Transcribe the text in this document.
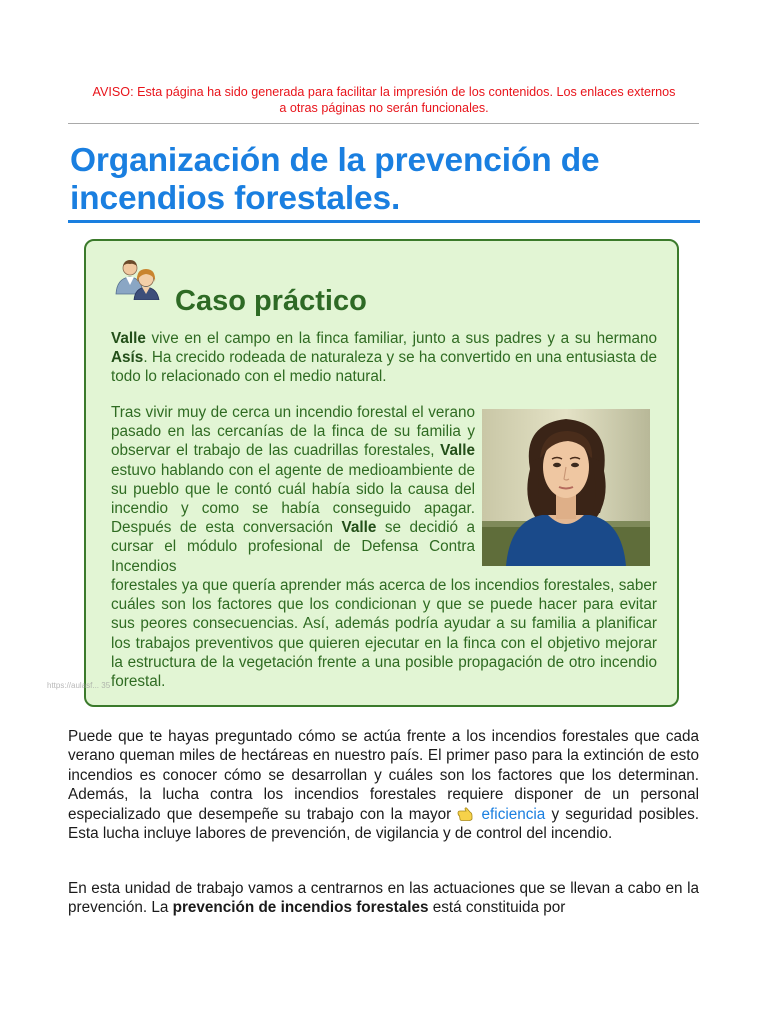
AVISO: Esta página ha sido generada para facilitar la impresión de los contenidos. Los enlaces externos
a otras páginas no serán funcionales.
Organización de la prevención de
incendios forestales.
Caso práctico

Valle vive en el campo en la finca familiar, junto a sus padres y a su hermano Asís. Ha crecido rodeada de naturaleza y se ha convertido en una entusiasta de todo lo relacionado con el medio natural.

Tras vivir muy de cerca un incendio forestal el verano pasado en las cercanías de la finca de su familia y observar el trabajo de las cuadrillas forestales, Valle estuvo hablando con el agente de medioambiente de su pueblo que le contó cuál había sido la causa del incendio y como se había conseguido apagar. Después de esta conversación Valle se decidió a cursar el módulo profesional de Defensa Contra Incendios

forestales ya que quería aprender más acerca de los incendios forestales, saber cuáles son los factores que los condicionan y que se puede hacer para evitar sus peores consecuencias. Así, además podría ayudar a su familia a planificar los trabajos preventivos que quieren ejecutar en la finca con el objetivo mejorar la estructura de la vegetación frente a una posible propagación de otro incendio forestal.

https://aulasf... 35

Puede que te hayas preguntado cómo se actúa frente a los incendios forestales que cada verano queman miles de hectáreas en nuestro país. El primer paso para la extinción de esto incendios es conocer cómo se desarrollan y cuáles son los factores que los determinan. Además, la lucha contra los incendios forestales requiere disponer de un personal especializado que desempeñe su trabajo con la mayor  eficiencia y seguridad posibles. Esta lucha incluye labores de prevención, de vigilancia y de control del incendio.

En esta unidad de trabajo vamos a centrarnos en las actuaciones que se llevan a cabo en la prevención. La prevención de incendios forestales está constituida por
